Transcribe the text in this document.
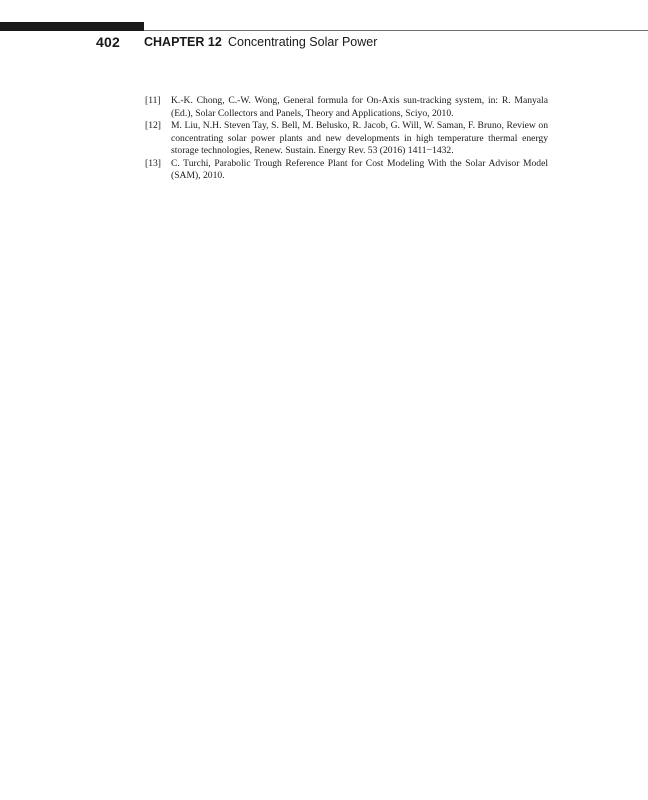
402 CHAPTER 12 Concentrating Solar Power
[11] K.-K. Chong, C.-W. Wong, General formula for On-Axis sun-tracking system, in: R. Manyala (Ed.), Solar Collectors and Panels, Theory and Applications, Sciyo, 2010.
[12] M. Liu, N.H. Steven Tay, S. Bell, M. Belusko, R. Jacob, G. Will, W. Saman, F. Bruno, Review on concentrating solar power plants and new developments in high temperature thermal energy storage technologies, Renew. Sustain. Energy Rev. 53 (2016) 1411−1432.
[13] C. Turchi, Parabolic Trough Reference Plant for Cost Modeling With the Solar Advisor Model (SAM), 2010.
